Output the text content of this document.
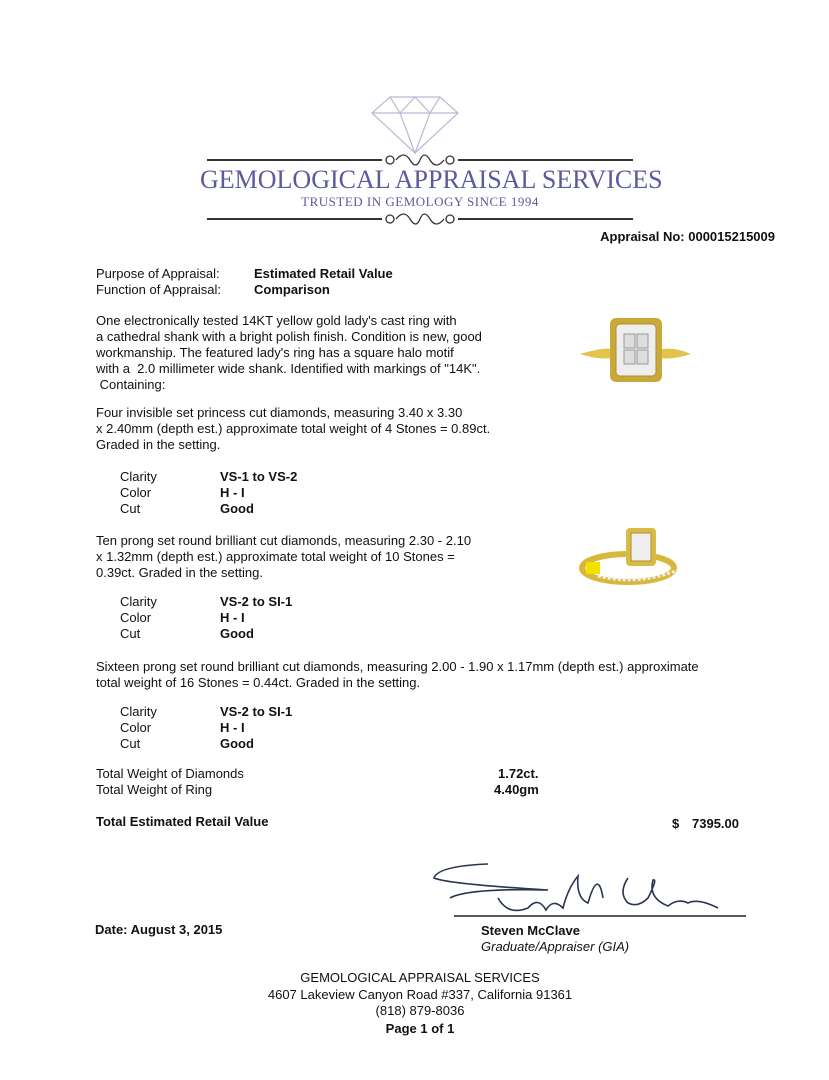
GEMOLOGICAL APPRAISAL SERVICES
TRUSTED IN GEMOLOGY SINCE 1994
Appraisal No: 000015215009
Purpose of Appraisal:	Estimated Retail Value
Function of Appraisal:	Comparison
One electronically tested 14KT yellow gold lady's cast ring with
a cathedral shank with a bright polish finish. Condition is new, good
workmanship. The featured lady's ring has a square halo motif
with a  2.0 millimeter wide shank. Identified with markings of "14K".
Containing:
Four invisible set princess cut diamonds, measuring 3.40 x 3.30
x 2.40mm (depth est.) approximate total weight of 4 Stones = 0.89ct.
Graded in the setting.
Clarity	VS-1 to VS-2
Color	H - I
Cut	Good
Ten prong set round brilliant cut diamonds, measuring 2.30 - 2.10
x 1.32mm (depth est.) approximate total weight of 10 Stones =
0.39ct. Graded in the setting.
Clarity	VS-2 to SI-1
Color	H - I
Cut	Good
Sixteen prong set round brilliant cut diamonds, measuring 2.00 - 1.90 x 1.17mm (depth est.) approximate
total weight of 16 Stones = 0.44ct. Graded in the setting.
Clarity	VS-2 to SI-1
Color	H - I
Cut	Good
Total Weight of Diamonds	1.72ct.
Total Weight of Ring	4.40gm
Total Estimated Retail Value	$ 7395.00
Date: August 3, 2015	Steven McClave
Graduate/Appraiser (GIA)
GEMOLOGICAL APPRAISAL SERVICES
4607 Lakeview Canyon Road #337, California 91361
(818) 879-8036
Page 1 of 1
